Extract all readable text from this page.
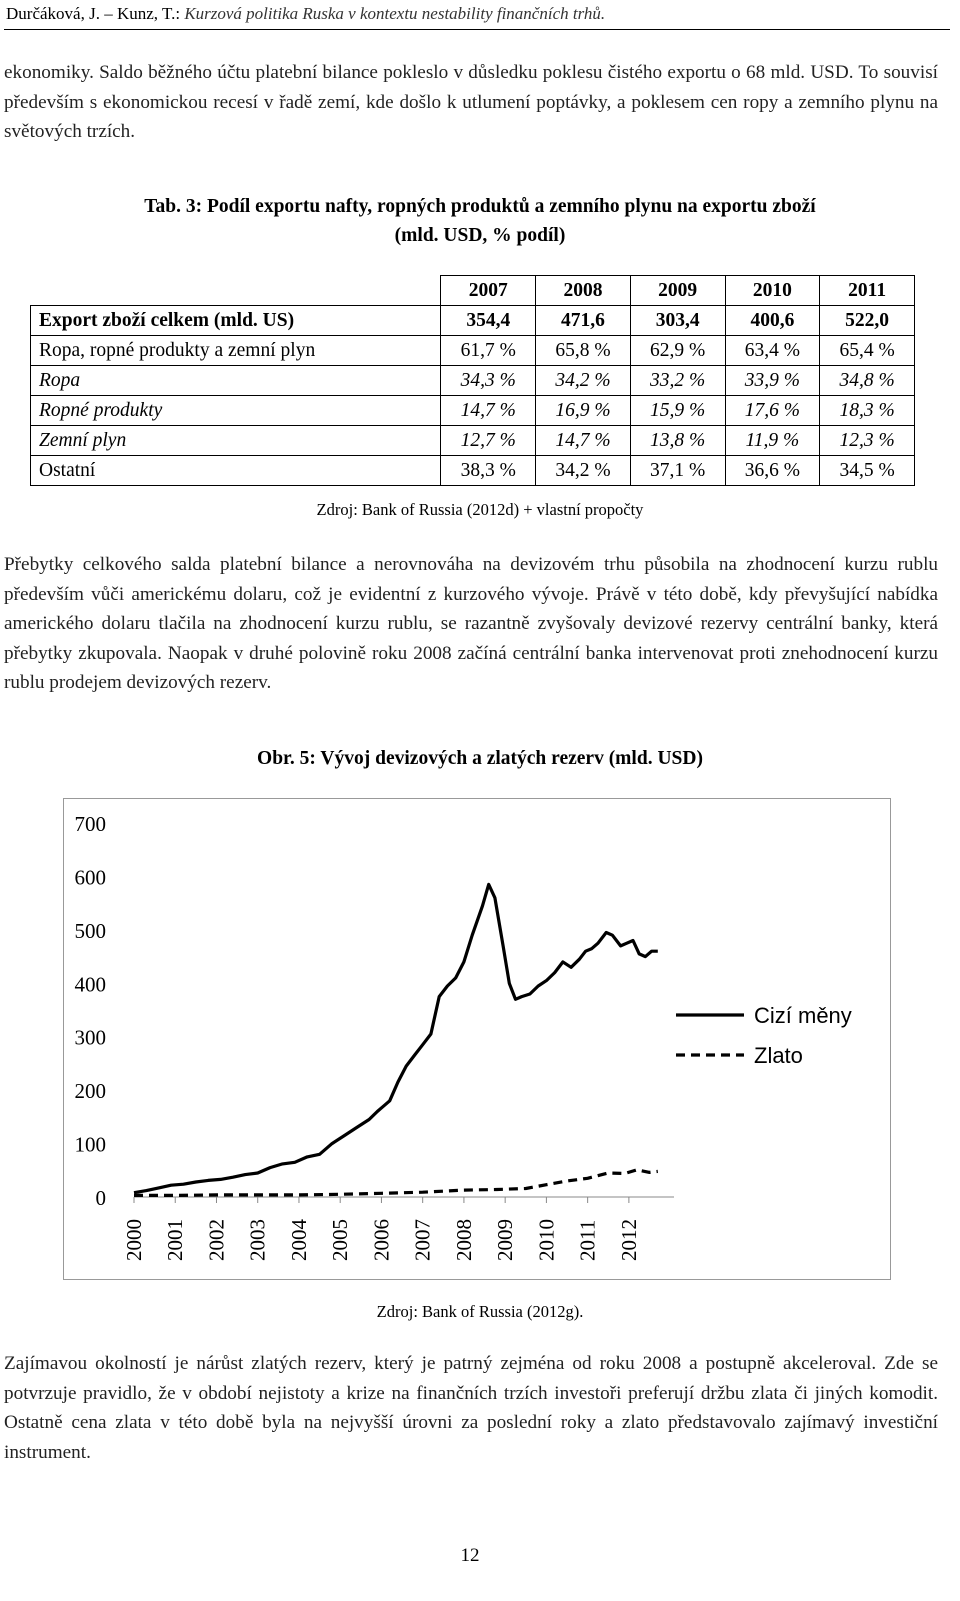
Durčáková, J. – Kunz, T.: Kurzová politika Ruska v kontextu nestability finančních trhů.

ekonomiky. Saldo běžného účtu platební bilance pokleslo v důsledku poklesu čistého exportu o 68 mld. USD. To souvisí především s ekonomickou recesí v řadě zemí, kde došlo k utlumení poptávky, a poklesem cen ropy a zemního plynu na světových trzích.

Tab. 3: Podíl exportu nafty, ropných produktů a zemního plynu na exportu zboží
(mld. USD, % podíl)
	2007	2008	2009	2010	2011
Export zboží celkem (mld. US)	354,4	471,6	303,4	400,6	522,0
Ropa, ropné produkty a zemní plyn	61,7 %	65,8 %	62,9 %	63,4 %	65,4 %
Ropa	34,3 %	34,2 %	33,2 %	33,9 %	34,8 %
Ropné produkty	14,7 %	16,9 %	15,9 %	17,6 %	18,3 %
Zemní plyn	12,7 %	14,7 %	13,8 %	11,9 %	12,3 %
Ostatní	38,3 %	34,2 %	37,1 %	36,6 %	34,5 %
Zdroj: Bank of Russia (2012d) + vlastní propočty

Přebytky celkového salda platební bilance a nerovnováha na devizovém trhu působila na zhodnocení kurzu rublu především vůči americkému dolaru, což je evidentní z kurzového vývoje. Právě v této době, kdy převyšující nabídka amerického dolaru tlačila na zhodnocení kurzu rublu, se razantně zvyšovaly devizové rezervy centrální banky, která přebytky zkupovala. Naopak v druhé polovině roku 2008 začíná centrální banka intervenovat proti znehodnocení kurzu rublu prodejem devizových rezerv.

Obr. 5: Vývoj devizových a zlatých rezerv (mld. USD)
0
100
200
300
400
500
600
700
2000 2001 2002 2003 2004 2005 2006 2007 2008 2009 2010 2011 2012
Cizí měny
Zlato
Zdroj: Bank of Russia (2012g).

Zajímavou okolností je nárůst zlatých rezerv, který je patrný zejména od roku 2008 a postupně akceleroval. Zde se potvrzuje pravidlo, že v období nejistoty a krize na finančních trzích investoři preferují držbu zlata či jiných komodit. Ostatně cena zlata v této době byla na nejvyšší úrovni za poslední roky a zlato představovalo zajímavý investiční instrument.

12
